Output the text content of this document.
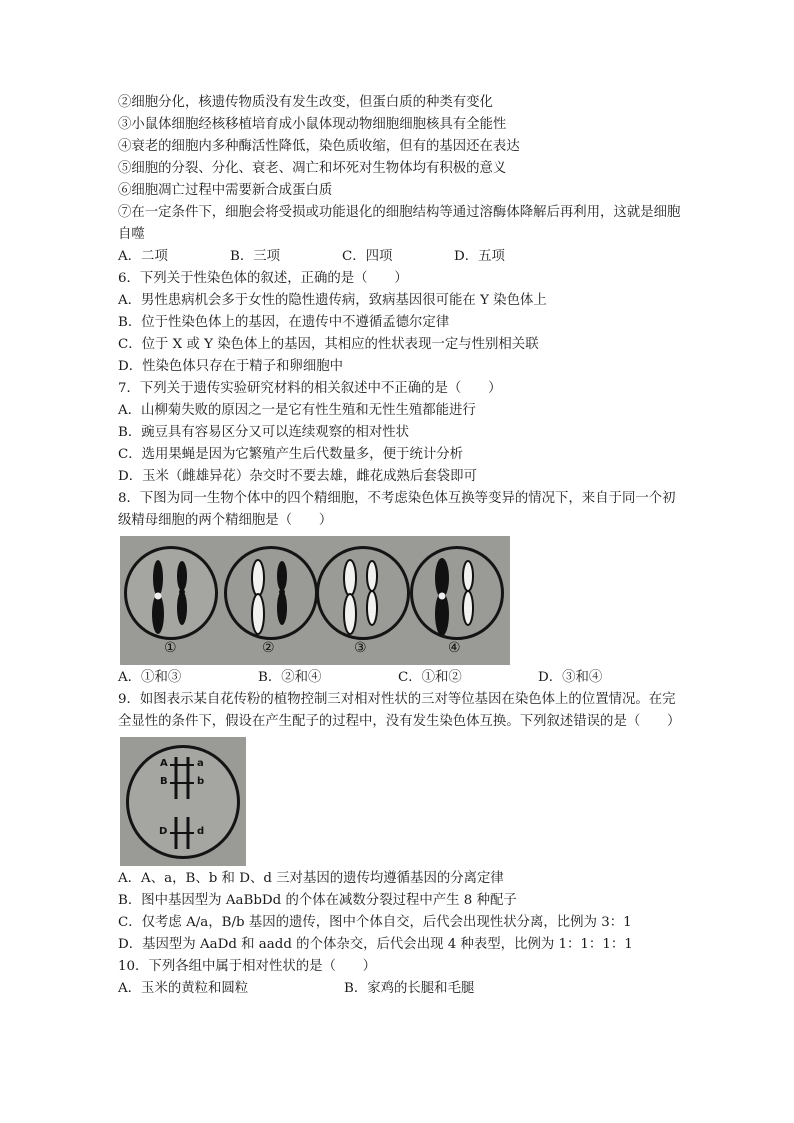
②细胞分化，核遗传物质没有发生改变，但蛋白质的种类有变化
③小鼠体细胞经核移植培育成小鼠体现动物细胞细胞核具有全能性
④衰老的细胞内多种酶活性降低，染色质收缩，但有的基因还在表达
⑤细胞的分裂、分化、衰老、凋亡和坏死对生物体均有积极的意义
⑥细胞凋亡过程中需要新合成蛋白质
⑦在一定条件下，细胞会将受损或功能退化的细胞结构等通过溶酶体降解后再利用，这就是细胞自噬
A．二项	B．三项	C．四项	D．五项
6．下列关于性染色体的叙述，正确的是（　　）
A．男性患病机会多于女性的隐性遗传病，致病基因很可能在 Y 染色体上
B．位于性染色体上的基因，在遗传中不遵循孟德尔定律
C．位于 X 或 Y 染色体上的基因，其相应的性状表现一定与性别相关联
D．性染色体只存在于精子和卵细胞中
7．下列关于遗传实验研究材料的相关叙述中不正确的是（　　）
A．山柳菊失败的原因之一是它有性生殖和无性生殖都能进行
B．豌豆具有容易区分又可以连续观察的相对性状
C．选用果蝇是因为它繁殖产生后代数量多，便于统计分析
D．玉米（雌雄异花）杂交时不要去雄，雌花成熟后套袋即可
8．下图为同一生物个体中的四个精细胞，不考虑染色体互换等变异的情况下，来自于同一个初级精母细胞的两个精细胞是（　　）
①	②	③	④
A．①和③	B．②和④	C．①和②	D．③和④
9．如图表示某自花传粉的植物控制三对相对性状的三对等位基因在染色体上的位置情况。在完全显性的条件下，假设在产生配子的过程中，没有发生染色体互换。下列叙述错误的是（　　）
A
B
D
a
b
d
A．A、a，B、b 和 D、d 三对基因的遗传均遵循基因的分离定律
B．图中基因型为 AaBbDd 的个体在减数分裂过程中产生 8 种配子
C．仅考虑 A/a，B/b 基因的遗传，图中个体自交，后代会出现性状分离，比例为 3：1
D．基因型为 AaDd 和 aadd 的个体杂交，后代会出现 4 种表型，比例为 1：1：1：1
10．下列各组中属于相对性状的是（　　）
A．玉米的黄粒和圆粒	B．家鸡的长腿和毛腿
